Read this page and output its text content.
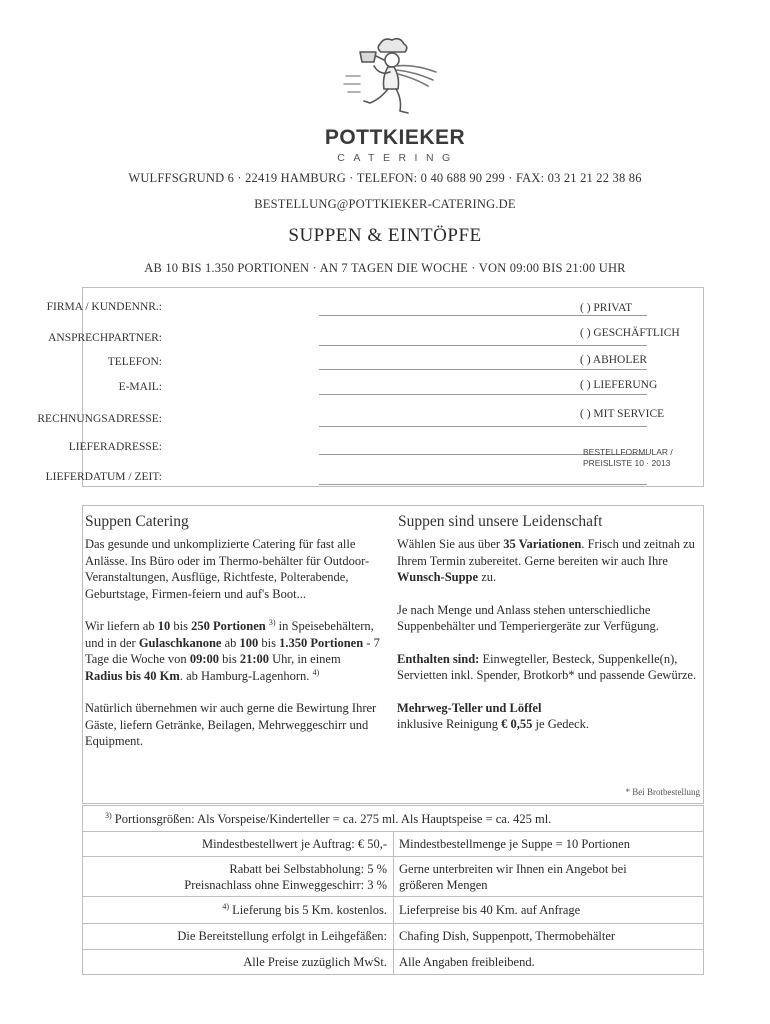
POTTKIEKER
CATERING
WULFFSGRUND 6 · 22419 HAMBURG · TELEFON: 0 40 688 90 299 · FAX: 03 21 21 22 38 86
BESTELLUNG@POTTKIEKER-CATERING.DE
SUPPEN & EINTÖPFE
AB 10 BIS 1.350 PORTIONEN · AN 7 TAGEN DIE WOCHE · VON 09:00 BIS 21:00 UHR
FIRMA / KUNDENNR.:
ANSPRECHPARTNER:
TELEFON:
E-MAIL:
RECHNUNGSADRESSE:
LIEFERADRESSE:
LIEFERDATUM / ZEIT:
( ) PRIVAT
( ) GESCHÄFTLICH
( ) ABHOLER
( ) LIEFERUNG
( ) MIT SERVICE
BESTELLFORMULAR /
PREISLISTE 10 · 2013
Suppen Catering

Das gesunde und unkomplizierte Catering für fast alle Anlässe. Ins Büro oder im Thermo-behälter für Outdoor-Veranstaltungen, Ausflüge, Richtfeste, Polterabende, Geburtstage, Firmen-feiern und auf's Boot...

Wir liefern ab 10 bis 250 Portionen $^{3)}$ in Speisebehältern, und in der Gulaschkanone ab 100 bis 1.350 Portionen - 7 Tage die Woche von 09:00 bis 21:00 Uhr, in einem Radius bis 40 Km. ab Hamburg-Lagenhorn. $^{4)}$

Natürlich übernehmen wir auch gerne die Bewirtung Ihrer Gäste, liefern Getränke, Beilagen, Mehrweggeschirr und Equipment.

Suppen sind unsere Leidenschaft

Wählen Sie aus über 35 Variationen. Frisch und zeitnah zu Ihrem Termin zubereitet. Gerne bereiten wir auch Ihre Wunsch-Suppe zu.

Je nach Menge und Anlass stehen unterschiedliche Suppenbehälter und Temperiergeräte zur Verfügung.

Enthalten sind: Einwegteller, Besteck, Suppenkelle(n), Servietten inkl. Spender, Brotkorb* und passende Gewürze.

Mehrweg-Teller und Löffel
inklusive Reinigung € 0,55 je Gedeck.

* Bei Brotbestellung
$^{3)}$ Portionsgrößen: Als Vorspeise/Kinderteller = ca. 275 ml. Als Hauptspeise = ca. 425 ml.
Mindestbestellwert je Auftrag: € 50,- Mindestbestellmenge je Suppe = 10 Portionen
Rabatt bei Selbstabholung: 5 %
Preisnachlass ohne Einweggeschirr: 3 %
Gerne unterbreiten wir Ihnen ein Angebot bei
größeren Mengen
$^{4)}$ Lieferung bis 5 Km. kostenlos. Lieferpreise bis 40 Km. auf Anfrage
Die Bereitstellung erfolgt in Leihgefäßen: Chafing Dish, Suppenpott, Thermobehälter
Alle Preise zuzüglich MwSt. Alle Angaben freibleibend.
